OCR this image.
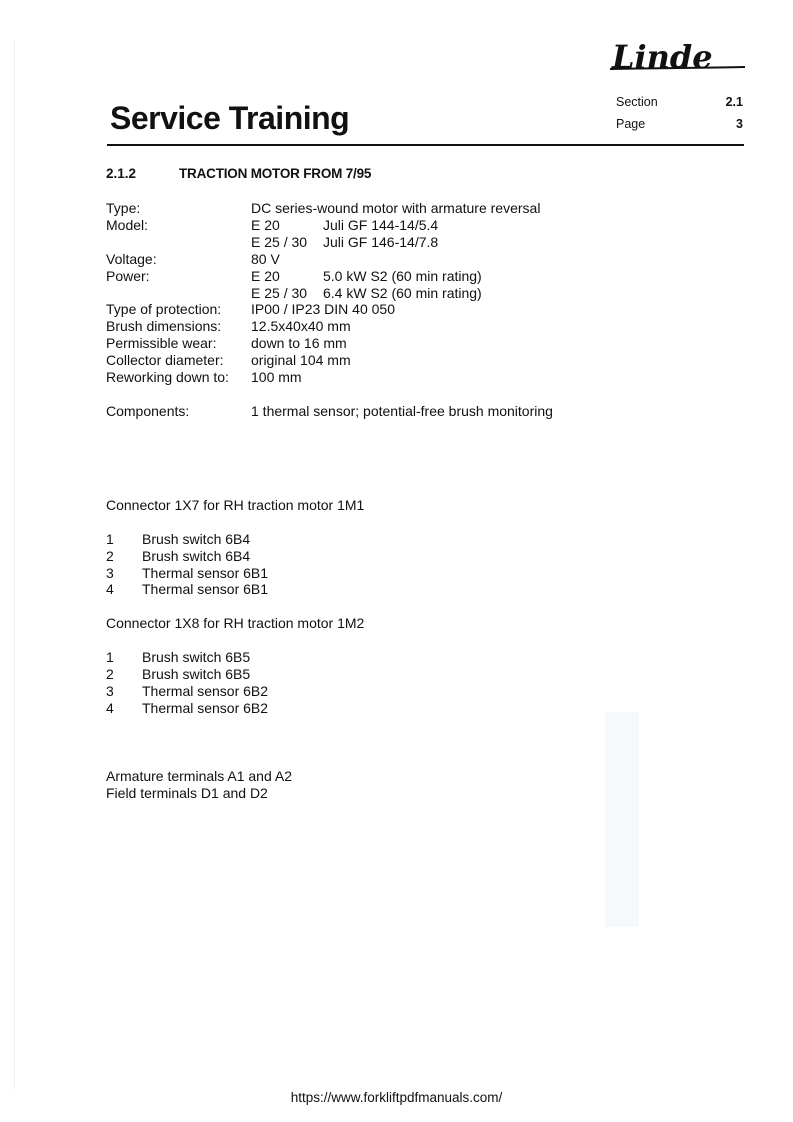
Linde
Service Training	Section	2.1
Page	3
2.1.2	TRACTION MOTOR FROM 7/95
Type:	DC series-wound motor with armature reversal
Model:	E 20	Juli GF 144-14/5.4
E 25 / 30 Juli GF 146-14/7.8
Voltage:	80 V
Power:	E 20	5.0 kW S2 (60 min rating)
E 25 / 30 6.4 kW S2 (60 min rating)
Type of protection: IP00 / IP23 DIN 40 050
Brush dimensions: 12.5x40x40 mm
Permissible wear: down to 16 mm
Collector diameter: original 104 mm
Reworking down to: 100 mm
Components:	1 thermal sensor; potential-free brush monitoring
Connector 1X7 for RH traction motor 1M1
1 Brush switch 6B4
2 Brush switch 6B4
3 Thermal sensor 6B1
4 Thermal sensor 6B1
Connector 1X8 for RH traction motor 1M2
1 Brush switch 6B5
2 Brush switch 6B5
3 Thermal sensor 6B2
4 Thermal sensor 6B2
Armature terminals A1 and A2
Field terminals D1 and D2
https://www.forkliftpdfmanuals.com/
